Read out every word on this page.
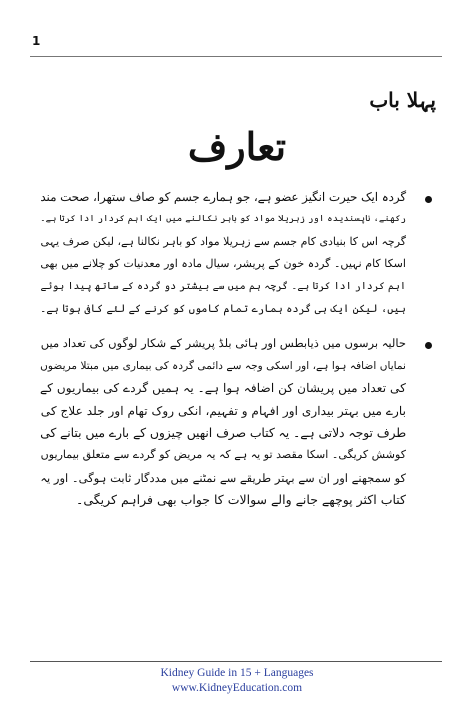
1
پہلا باب
تعارف
گردہ ایک حیرت انگیز عضو ہے، جو ہمارے جسم کو صاف ستھرا، صحت مند
رکھنے، ناپسندیدہ اور زہریلا مواد کو باہر نکالنے میں ایک اہم کردار ادا کرتا ہے۔
گرچہ اس کا بنیادی کام جسم سے زہریلا مواد کو باہر نکالنا ہے، لیکن صرف یہی
اسکا کام نہیں۔ گردہ خون کے پریشر، سیال مادہ اور معدنیات کو چلانے میں بھی
اہم کردار ادا کرتا ہے۔ گرچہ ہم میں سے بیشتر دو گردہ کے ساتھ پیدا ہوئے
ہیں، لیکن ایک ہی گردہ ہمارے تمام کاموں کو کرنے کے لئے کافی ہوتا ہے۔
حالیہ برسوں میں ذیابطس اور ہائی بلڈ پریشر کے شکار لوگوں کی تعداد میں
نمایاں اضافہ ہوا ہے، اور اسکی وجہ سے دائمی گردہ کی بیماری میں مبتلا مریضوں
کی تعداد میں پریشان کن اضافہ ہوا ہے۔ یہ ہمیں گردے کی بیماریوں کے
بارے میں بہتر بیداری اور افہام و تفہیم، انکی روک تھام اور جلد علاج کی
طرف توجہ دلاتی ہے۔ یہ کتاب صرف انھیں چیزوں کے بارے میں بتانے کی
کوشش کریگی۔ اسکا مقصد تو یہ ہے کہ یہ مریض کو گردے سے متعلق بیماریوں
کو سمجھنے اور ان سے بہتر طریقے سے نمٹنے میں مددگار ثابت ہوگی۔ اور یہ
کتاب اکثر پوچھے جانے والے سوالات کا جواب بھی فراہم کریگی۔
Kidney Guide in 15 + Languages
www.KidneyEducation.com
